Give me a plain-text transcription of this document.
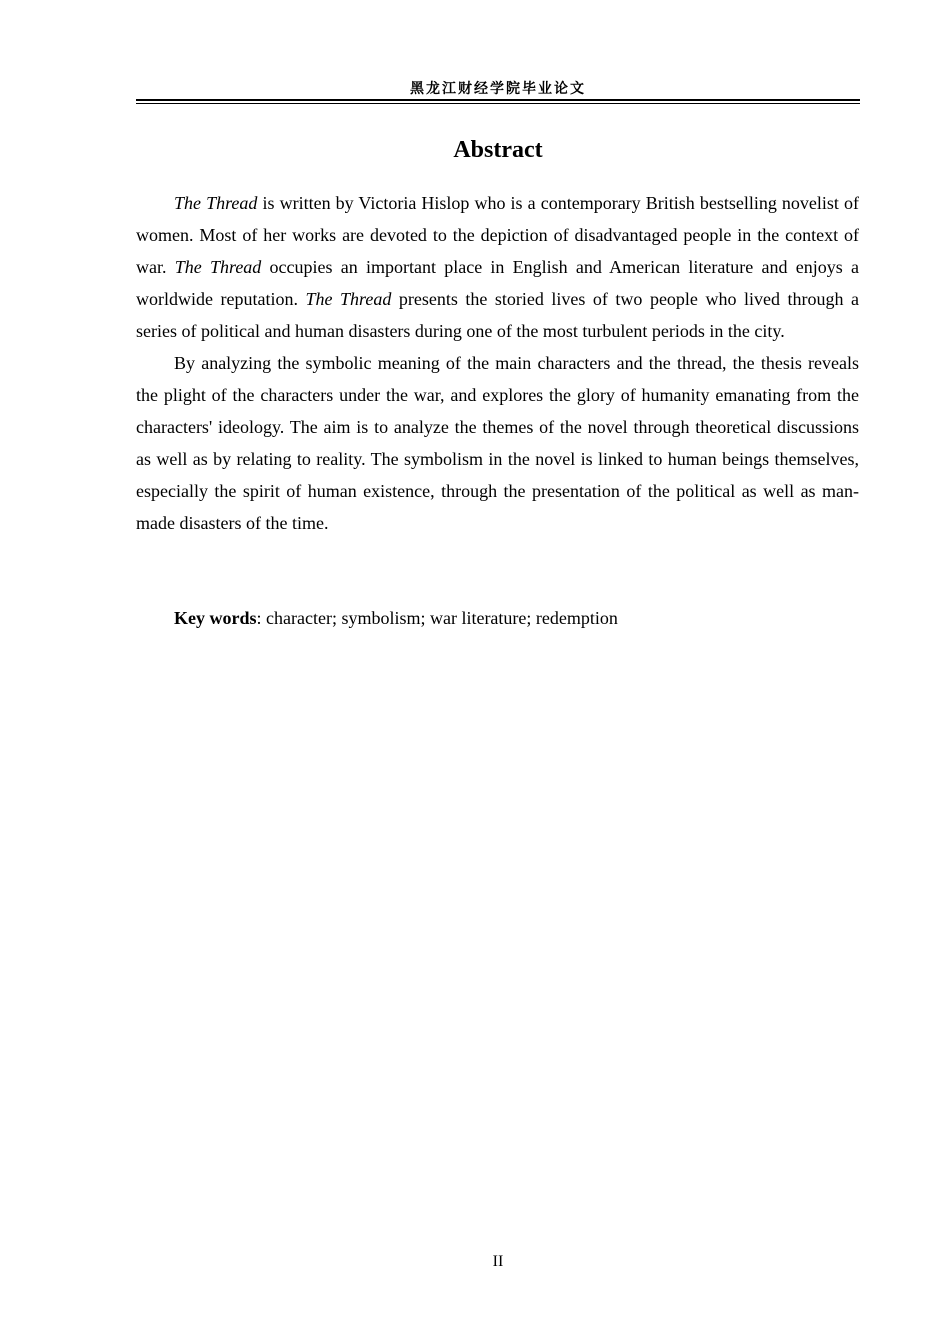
黑龙江财经学院毕业论文
Abstract

The Thread is written by Victoria Hislop who is a contemporary British bestselling novelist of women. Most of her works are devoted to the depiction of disadvantaged people in the context of war. The Thread occupies an important place in English and American literature and enjoys a worldwide reputation. The Thread presents the storied lives of two people who lived through a series of political and human disasters during one of the most turbulent periods in the city.

By analyzing the symbolic meaning of the main characters and the thread, the thesis reveals the plight of the characters under the war, and explores the glory of humanity emanating from the characters' ideology. The aim is to analyze the themes of the novel through theoretical discussions as well as by relating to reality. The symbolism in the novel is linked to human beings themselves, especially the spirit of human existence, through the presentation of the political as well as man-made disasters of the time.

Key words: character; symbolism; war literature; redemption
II
